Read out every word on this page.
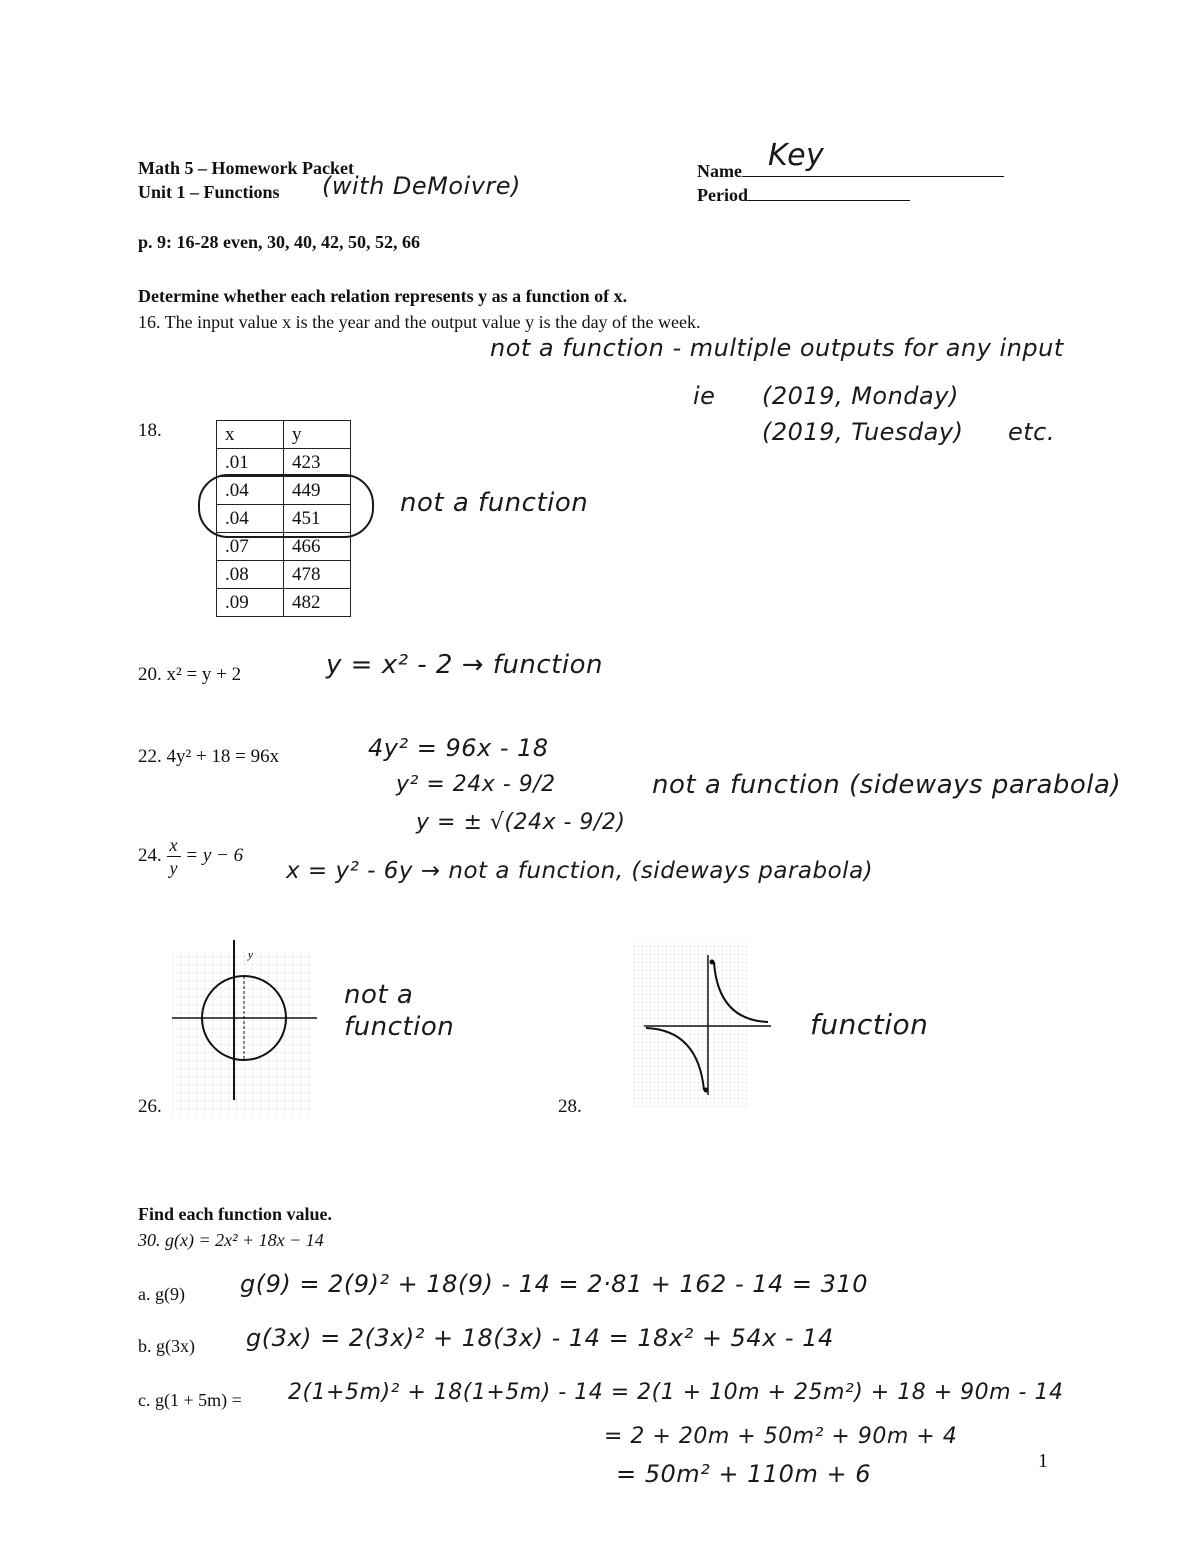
Math 5 – Homework Packet
Unit 1 – Functions (with DeMoivre)
Name Key
Period
p. 9: 16-28 even, 30, 40, 42, 50, 52, 66
Determine whether each relation represents y as a function of x.
16. The input value x is the year and the output value y is the day of the week.
not a function - multiple outputs for any input
ie (2019, Monday)
(2019, Tuesday) etc.
18.	x	y
.01	423
.04	449
.04	451
.07	466
.08	478
.09	482
not a function
20. x² = y + 2	y = x² - 2 → function
22. 4y² + 18 = 96x	4y² = 96x - 18
y² = 24x - 9/2
y = ± √(24x - 9/2)
not a function (sideways parabola)
24. $\frac{x}{y} = y - 6$
x = y² - 6y → not a function, (sideways parabola)
y
26.
not a
function
28.
function
Find each function value.
30. g(x) = 2x² + 18x − 14
a. g(9) g(9) = 2(9)² + 18(9) - 14 = 2·81 + 162 - 14 = 310
b. g(3x) g(3x) = 2(3x)² + 18(3x) - 14 = 18x² + 54x - 14
c. g(1 + 5m) = 2(1+5m)² + 18(1+5m) - 14 = 2(1 + 10m + 25m²) + 18 + 90m - 14
= 2 + 20m + 50m² + 90m + 4
= 50m² + 110m + 6	1
